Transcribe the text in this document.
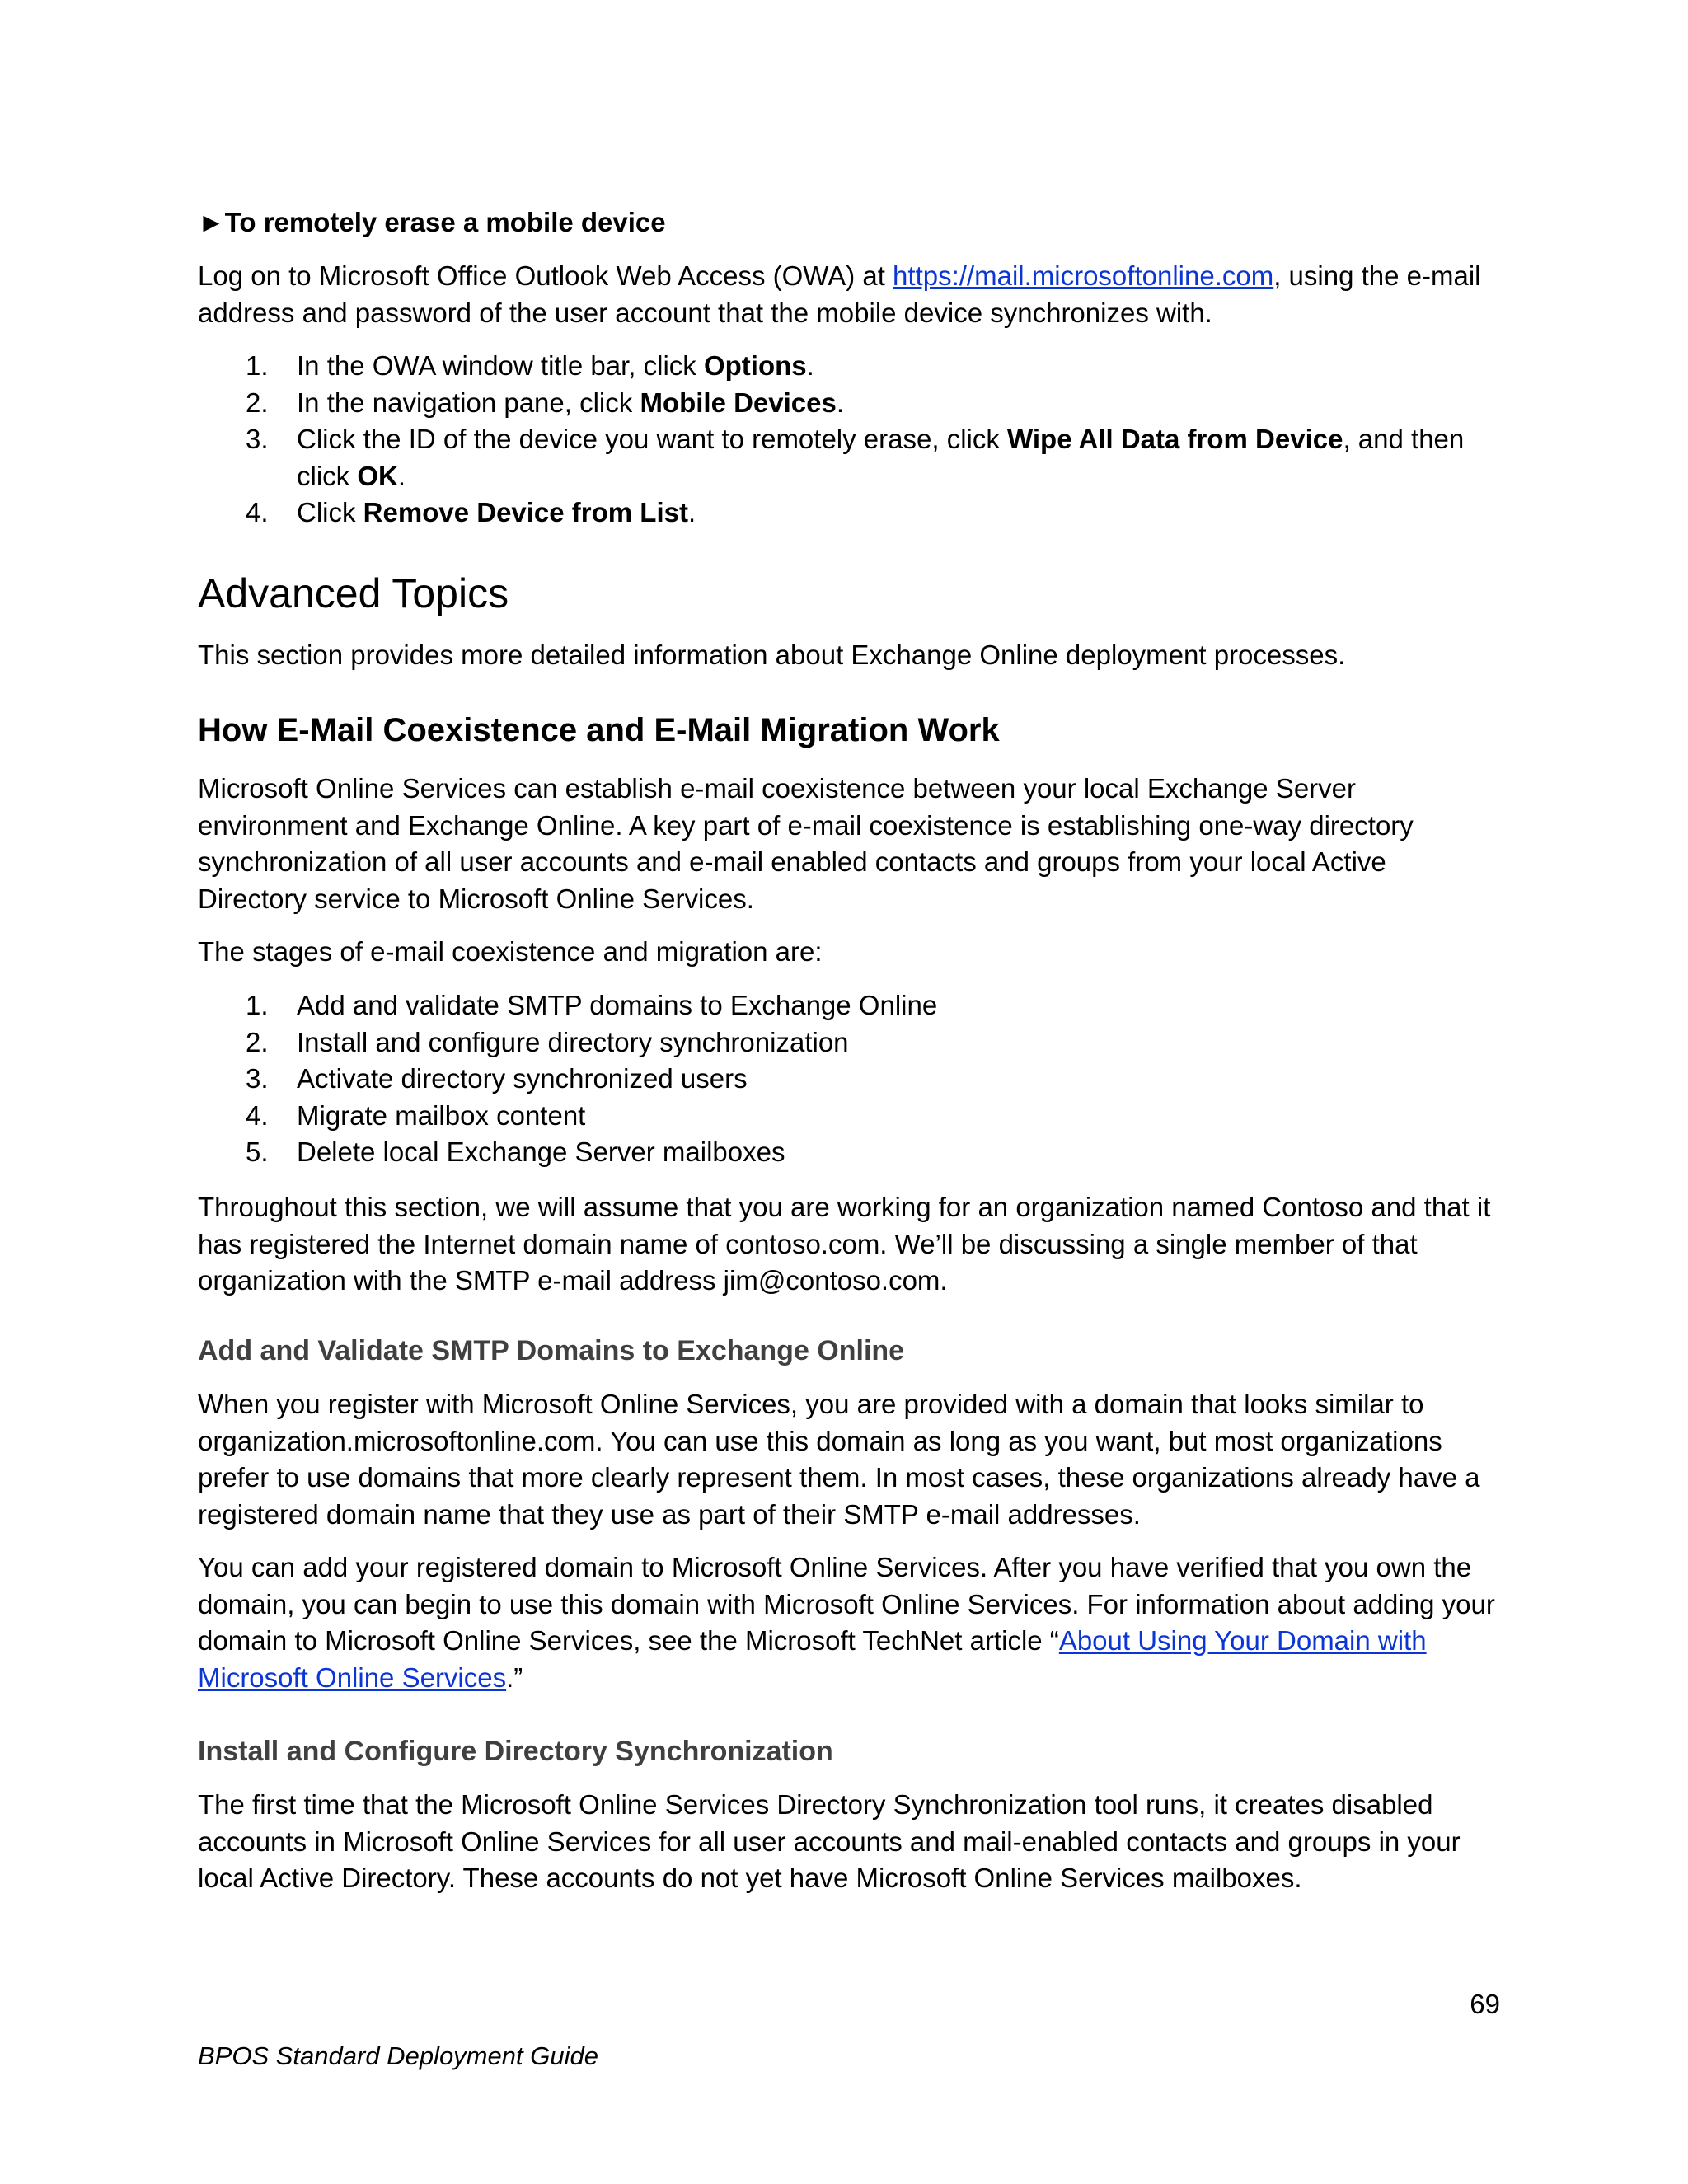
►To remotely erase a mobile device

Log on to Microsoft Office Outlook Web Access (OWA) at https://mail.microsoftonline.com, using the e-mail address and password of the user account that the mobile device synchronizes with.

1. In the OWA window title bar, click Options.
2. In the navigation pane, click Mobile Devices.
3. Click the ID of the device you want to remotely erase, click Wipe All Data from Device, and then click OK.
4. Click Remove Device from List.
Advanced Topics

This section provides more detailed information about Exchange Online deployment processes.

How E-Mail Coexistence and E-Mail Migration Work

Microsoft Online Services can establish e-mail coexistence between your local Exchange Server environment and Exchange Online. A key part of e-mail coexistence is establishing one-way directory synchronization of all user accounts and e-mail enabled contacts and groups from your local Active Directory service to Microsoft Online Services.

The stages of e-mail coexistence and migration are:

1. Add and validate SMTP domains to Exchange Online
2. Install and configure directory synchronization
3. Activate directory synchronized users
4. Migrate mailbox content
5. Delete local Exchange Server mailboxes

Throughout this section, we will assume that you are working for an organization named Contoso and that it has registered the Internet domain name of contoso.com. We’ll be discussing a single member of that organization with the SMTP e-mail address jim@contoso.com.

Add and Validate SMTP Domains to Exchange Online

When you register with Microsoft Online Services, you are provided with a domain that looks similar to organization.microsoftonline.com. You can use this domain as long as you want, but most organizations prefer to use domains that more clearly represent them. In most cases, these organizations already have a registered domain name that they use as part of their SMTP e-mail addresses.

You can add your registered domain to Microsoft Online Services. After you have verified that you own the domain, you can begin to use this domain with Microsoft Online Services. For information about adding your domain to Microsoft Online Services, see the Microsoft TechNet article “About Using Your Domain with Microsoft Online Services.”

Install and Configure Directory Synchronization

The first time that the Microsoft Online Services Directory Synchronization tool runs, it creates disabled accounts in Microsoft Online Services for all user accounts and mail-enabled contacts and groups in your local Active Directory. These accounts do not yet have Microsoft Online Services mailboxes.

69
BPOS Standard Deployment Guide
